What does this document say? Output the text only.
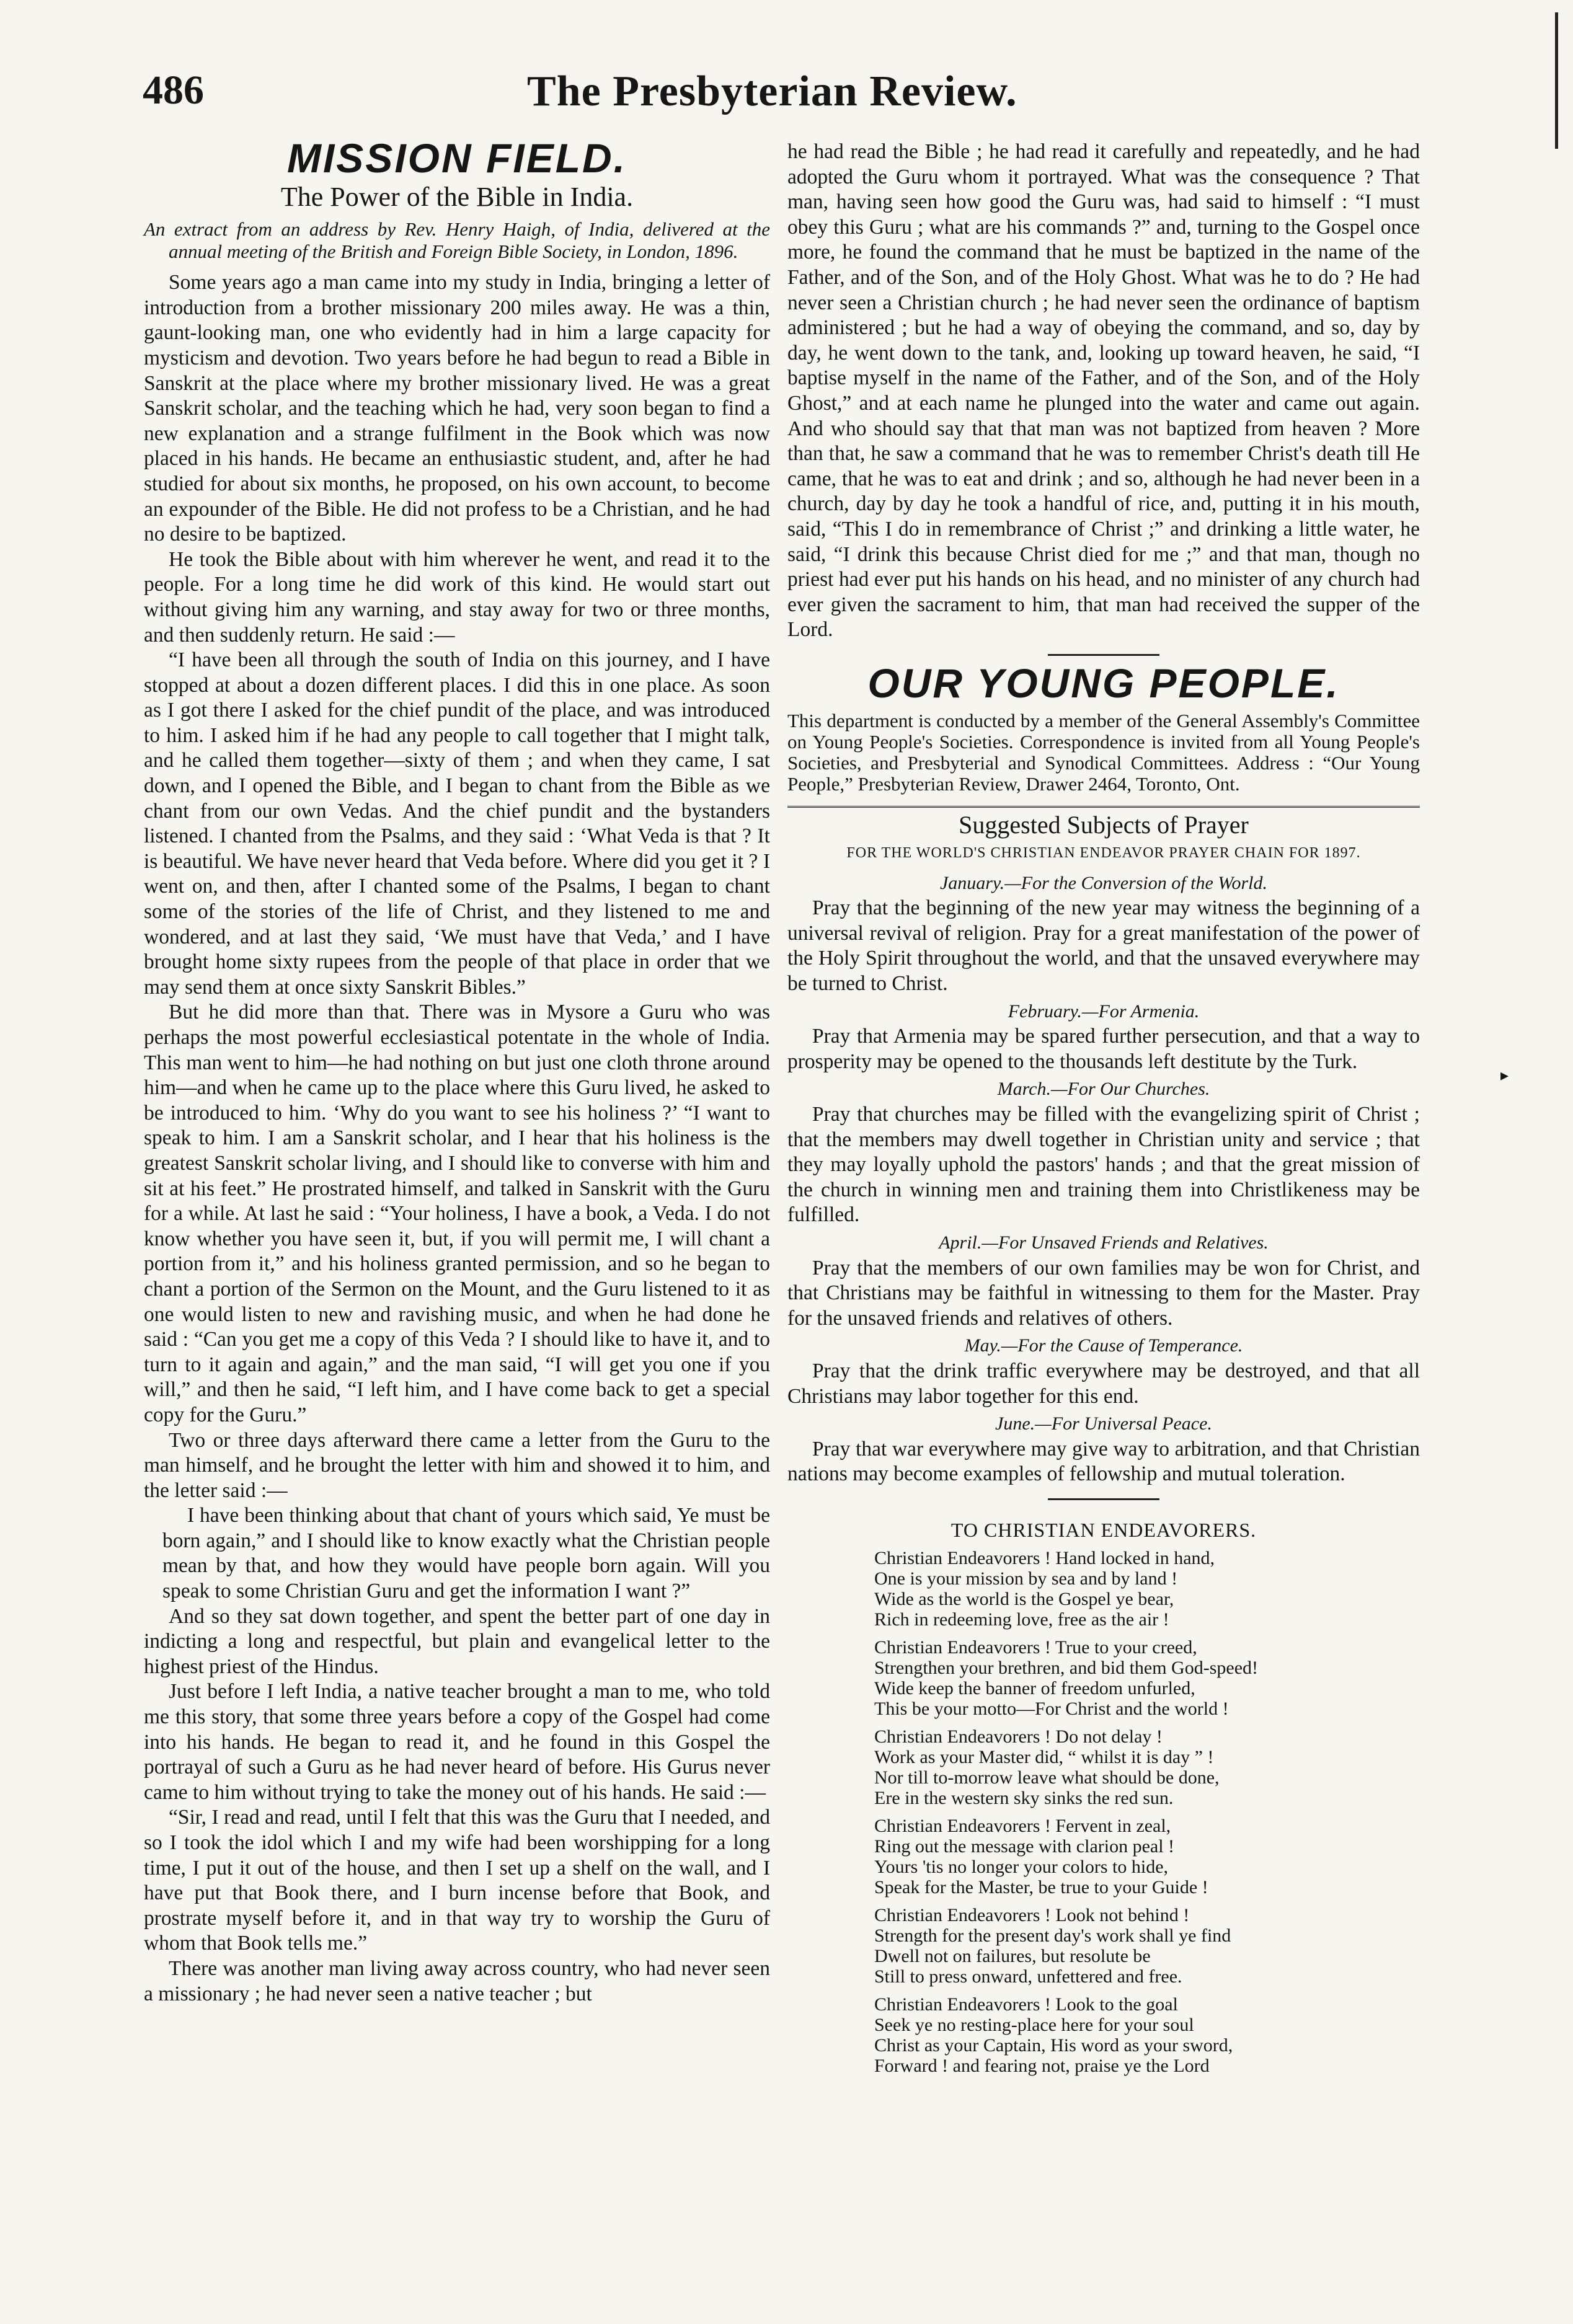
▸
486	The Presbyterian Review.
MISSION FIELD.
The Power of the Bible in India.
An extract from an address by Rev. Henry Haigh, of India, delivered at the annual meeting of the British and Foreign Bible Society, in London, 1896.

Some years ago a man came into my study in India, bringing a letter of introduction from a brother missionary 200 miles away. He was a thin, gaunt-looking man, one who evidently had in him a large capacity for mysticism and devotion. Two years before he had begun to read a Bible in Sanskrit at the place where my brother missionary lived. He was a great Sanskrit scholar, and the teaching which he had, very soon began to find a new explanation and a strange fulfilment in the Book which was now placed in his hands. He became an enthusiastic student, and, after he had studied for about six months, he proposed, on his own account, to become an expounder of the Bible. He did not profess to be a Christian, and he had no desire to be baptized.

He took the Bible about with him wherever he went, and read it to the people. For a long time he did work of this kind. He would start out without giving him any warning, and stay away for two or three months, and then suddenly return. He said :—

“I have been all through the south of India on this journey, and I have stopped at about a dozen different places. I did this in one place. As soon as I got there I asked for the chief pundit of the place, and was introduced to him. I asked him if he had any people to call together that I might talk, and he called them together—sixty of them ; and when they came, I sat down, and I opened the Bible, and I began to chant from the Bible as we chant from our own Vedas. And the chief pundit and the bystanders listened. I chanted from the Psalms, and they said : ‘What Veda is that ? It is beautiful. We have never heard that Veda before. Where did you get it ? I went on, and then, after I chanted some of the Psalms, I began to chant some of the stories of the life of Christ, and they listened to me and wondered, and at last they said, ‘We must have that Veda,’ and I have brought home sixty rupees from the people of that place in order that we may send them at once sixty Sanskrit Bibles.”

But he did more than that. There was in Mysore a Guru who was perhaps the most powerful ecclesiastical potentate in the whole of India. This man went to him—he had nothing on but just one cloth throne around him—and when he came up to the place where this Guru lived, he asked to be introduced to him. ‘Why do you want to see his holiness ?’ “I want to speak to him. I am a Sanskrit scholar, and I hear that his holiness is the greatest Sanskrit scholar living, and I should like to converse with him and sit at his feet.” He prostrated himself, and talked in Sanskrit with the Guru for a while. At last he said : “Your holiness, I have a book, a Veda. I do not know whether you have seen it, but, if you will permit me, I will chant a portion from it,” and his holiness granted permission, and so he began to chant a portion of the Sermon on the Mount, and the Guru listened to it as one would listen to new and ravishing music, and when he had done he said : “Can you get me a copy of this Veda ? I should like to have it, and to turn to it again and again,” and the man said, “I will get you one if you will,” and then he said, “I left him, and I have come back to get a special copy for the Guru.”

Two or three days afterward there came a letter from the Guru to the man himself, and he brought the letter with him and showed it to him, and the letter said :—

I have been thinking about that chant of yours which said, Ye must be born again,” and I should like to know exactly what the Christian people mean by that, and how they would have people born again. Will you speak to some Christian Guru and get the information I want ?”

And so they sat down together, and spent the better part of one day in indicting a long and respectful, but plain and evangelical letter to the highest priest of the Hindus.

Just before I left India, a native teacher brought a man to me, who told me this story, that some three years before a copy of the Gospel had come into his hands. He began to read it, and he found in this Gospel the portrayal of such a Guru as he had never heard of before. His Gurus never came to him without trying to take the money out of his hands. He said :—

“Sir, I read and read, until I felt that this was the Guru that I needed, and so I took the idol which I and my wife had been worshipping for a long time, I put it out of the house, and then I set up a shelf on the wall, and I have put that Book there, and I burn incense before that Book, and prostrate myself before it, and in that way try to worship the Guru of whom that Book tells me.”

There was another man living away across country, who had never seen a missionary ; he had never seen a native teacher ; but

he had read the Bible ; he had read it carefully and repeatedly, and he had adopted the Guru whom it portrayed. What was the consequence ? That man, having seen how good the Guru was, had said to himself : “I must obey this Guru ; what are his commands ?” and, turning to the Gospel once more, he found the command that he must be baptized in the name of the Father, and of the Son, and of the Holy Ghost. What was he to do ? He had never seen a Christian church ; he had never seen the ordinance of baptism administered ; but he had a way of obeying the command, and so, day by day, he went down to the tank, and, looking up toward heaven, he said, “I baptise myself in the name of the Father, and of the Son, and of the Holy Ghost,” and at each name he plunged into the water and came out again. And who should say that that man was not baptized from heaven ? More than that, he saw a command that he was to remember Christ's death till He came, that he was to eat and drink ; and so, although he had never been in a church, day by day he took a handful of rice, and, putting it in his mouth, said, “This I do in remembrance of Christ ;” and drinking a little water, he said, “I drink this because Christ died for me ;” and that man, though no priest had ever put his hands on his head, and no minister of any church had ever given the sacrament to him, that man had received the supper of the Lord.

OUR YOUNG PEOPLE.
This department is conducted by a member of the General Assembly's Committee on Young People's Societies. Correspondence is invited from all Young People's Societies, and Presbyterial and Synodical Committees. Address : “Our Young People,” Presbyterian Review, Drawer 2464, Toronto, Ont.
Suggested Subjects of Prayer
FOR THE WORLD'S CHRISTIAN ENDEAVOR PRAYER CHAIN FOR 1897.
January.—For the Conversion of the World.

Pray that the beginning of the new year may witness the beginning of a universal revival of religion. Pray for a great manifestation of the power of the Holy Spirit throughout the world, and that the unsaved everywhere may be turned to Christ.

February.—For Armenia.

Pray that Armenia may be spared further persecution, and that a way to prosperity may be opened to the thousands left destitute by the Turk.

March.—For Our Churches.

Pray that churches may be filled with the evangelizing spirit of Christ ; that the members may dwell together in Christian unity and service ; that they may loyally uphold the pastors' hands ; and that the great mission of the church in winning men and training them into Christlikeness may be fulfilled.

April.—For Unsaved Friends and Relatives.

Pray that the members of our own families may be won for Christ, and that Christians may be faithful in witnessing to them for the Master. Pray for the unsaved friends and relatives of others.

May.—For the Cause of Temperance.

Pray that the drink traffic everywhere may be destroyed, and that all Christians may labor together for this end.

June.—For Universal Peace.

Pray that war everywhere may give way to arbitration, and that Christian nations may become examples of fellowship and mutual toleration.

TO CHRISTIAN ENDEAVORERS.
Christian Endeavorers ! Hand locked in hand,
One is your mission by sea and by land !
Wide as the world is the Gospel ye bear,
Rich in redeeming love, free as the air !
Christian Endeavorers ! True to your creed,
Strengthen your brethren, and bid them God-speed!
Wide keep the banner of freedom unfurled,
This be your motto—For Christ and the world !
Christian Endeavorers ! Do not delay !
Work as your Master did, “ whilst it is day ” !
Nor till to-morrow leave what should be done,
Ere in the western sky sinks the red sun.
Christian Endeavorers ! Fervent in zeal,
Ring out the message with clarion peal !
Yours 'tis no longer your colors to hide,
Speak for the Master, be true to your Guide !
Christian Endeavorers ! Look not behind !
Strength for the present day's work shall ye find
Dwell not on failures, but resolute be
Still to press onward, unfettered and free.
Christian Endeavorers ! Look to the goal
Seek ye no resting-place here for your soul
Christ as your Captain, His word as your sword,
Forward ! and fearing not, praise ye the Lord
